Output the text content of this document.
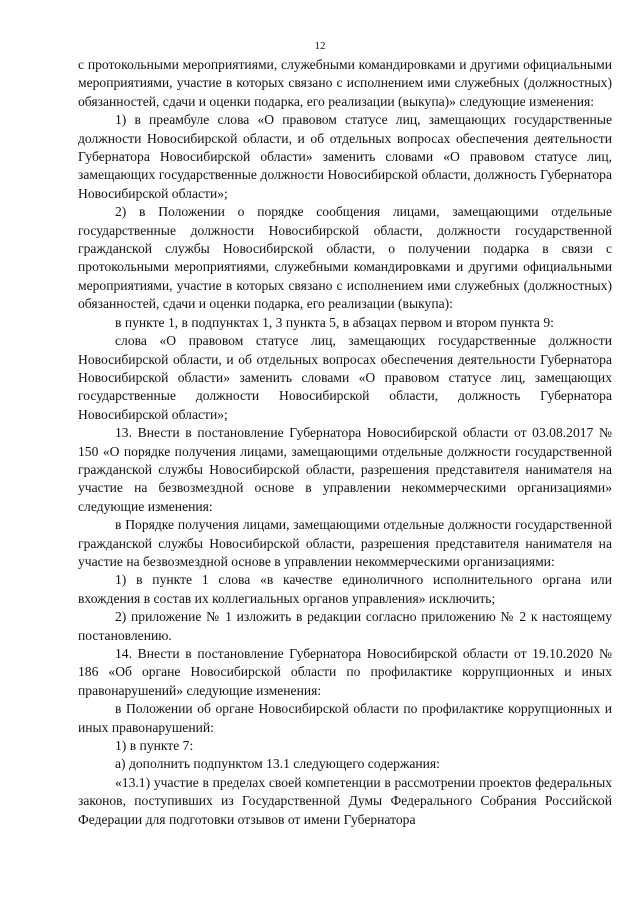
12

с протокольными мероприятиями, служебными командировками и другими официальными мероприятиями, участие в которых связано с исполнением ими служебных (должностных) обязанностей, сдачи и оценки подарка, его реализации (выкупа)» следующие изменения:

1) в преамбуле слова «О правовом статусе лиц, замещающих государственные должности Новосибирской области, и об отдельных вопросах обеспечения деятельности Губернатора Новосибирской области» заменить словами «О правовом статусе лиц, замещающих государственные должности Новосибирской области, должность Губернатора Новосибирской области»;

2) в Положении о порядке сообщения лицами, замещающими отдельные государственные должности Новосибирской области, должности государственной гражданской службы Новосибирской области, о получении подарка в связи с протокольными мероприятиями, служебными командировками и другими официальными мероприятиями, участие в которых связано с исполнением ими служебных (должностных) обязанностей, сдачи и оценки подарка, его реализации (выкупа):

в пункте 1, в подпунктах 1, 3 пункта 5, в абзацах первом и втором пункта 9:

слова «О правовом статусе лиц, замещающих государственные должности Новосибирской области, и об отдельных вопросах обеспечения деятельности Губернатора Новосибирской области» заменить словами «О правовом статусе лиц, замещающих государственные должности Новосибирской области, должность Губернатора Новосибирской области»;

13. Внести в постановление Губернатора Новосибирской области от 03.08.2017 № 150 «О порядке получения лицами, замещающими отдельные должности государственной гражданской службы Новосибирской области, разрешения представителя нанимателя на участие на безвозмездной основе в управлении некоммерческими организациями» следующие изменения:

в Порядке получения лицами, замещающими отдельные должности государственной гражданской службы Новосибирской области, разрешения представителя нанимателя на участие на безвозмездной основе в управлении некоммерческими организациями:

1) в пункте 1 слова «в качестве единоличного исполнительного органа или вхождения в состав их коллегиальных органов управления» исключить;

2) приложение № 1 изложить в редакции согласно приложению № 2 к настоящему постановлению.

14. Внести в постановление Губернатора Новосибирской области от 19.10.2020 № 186 «Об органе Новосибирской области по профилактике коррупционных и иных правонарушений» следующие изменения:

в Положении об органе Новосибирской области по профилактике коррупционных и иных правонарушений:

1) в пункте 7:

а) дополнить подпунктом 13.1 следующего содержания:

«13.1) участие в пределах своей компетенции в рассмотрении проектов федеральных законов, поступивших из Государственной Думы Федерального Собрания Российской Федерации для подготовки отзывов от имени Губернатора
